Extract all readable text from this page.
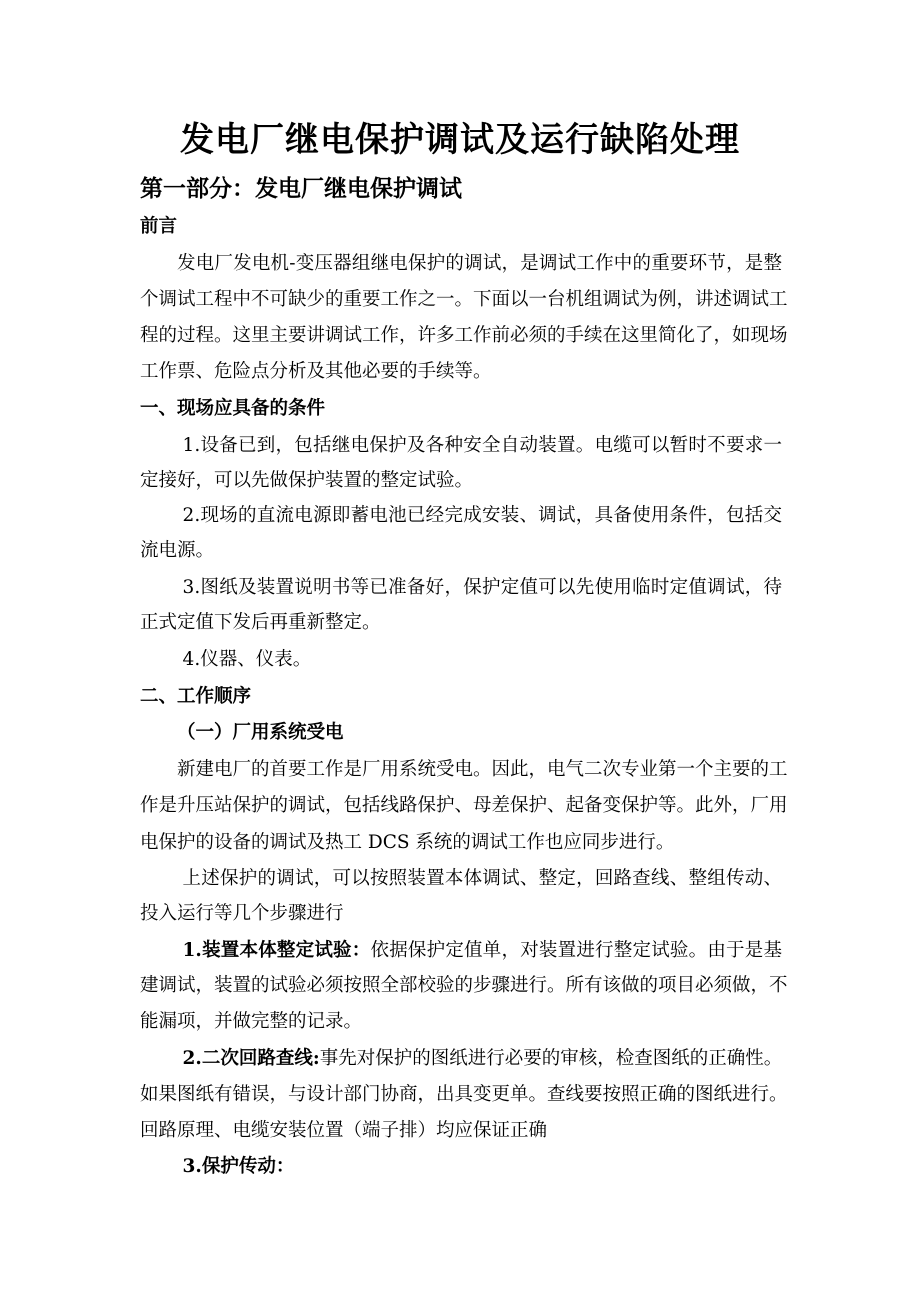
发电厂继电保护调试及运行缺陷处理
第一部分：发电厂继电保护调试
前言
发电厂发电机-变压器组继电保护的调试，是调试工作中的重要环节，是整
个调试工程中不可缺少的重要工作之一。下面以一台机组调试为例，讲述调试工
程的过程。这里主要讲调试工作，许多工作前必须的手续在这里简化了，如现场
工作票、危险点分析及其他必要的手续等。
一、现场应具备的条件
1.设备已到，包括继电保护及各种安全自动装置。电缆可以暂时不要求一
定接好，可以先做保护装置的整定试验。
2.现场的直流电源即蓄电池已经完成安装、调试，具备使用条件，包括交
流电源。
3.图纸及装置说明书等已准备好，保护定值可以先使用临时定值调试，待
正式定值下发后再重新整定。
4.仪器、仪表。
二、工作顺序
（一）厂用系统受电
新建电厂的首要工作是厂用系统受电。因此，电气二次专业第一个主要的工
作是升压站保护的调试，包括线路保护、母差保护、起备变保护等。此外，厂用
电保护的设备的调试及热工 DCS 系统的调试工作也应同步进行。
上述保护的调试，可以按照装置本体调试、整定，回路查线、整组传动、
投入运行等几个步骤进行
1.装置本体整定试验：依据保护定值单，对装置进行整定试验。由于是基
建调试，装置的试验必须按照全部校验的步骤进行。所有该做的项目必须做，不
能漏项，并做完整的记录。
2.二次回路查线:事先对保护的图纸进行必要的审核，检查图纸的正确性。
如果图纸有错误，与设计部门协商，出具变更单。查线要按照正确的图纸进行。
回路原理、电缆安装位置（端子排）均应保证正确
3.保护传动：
